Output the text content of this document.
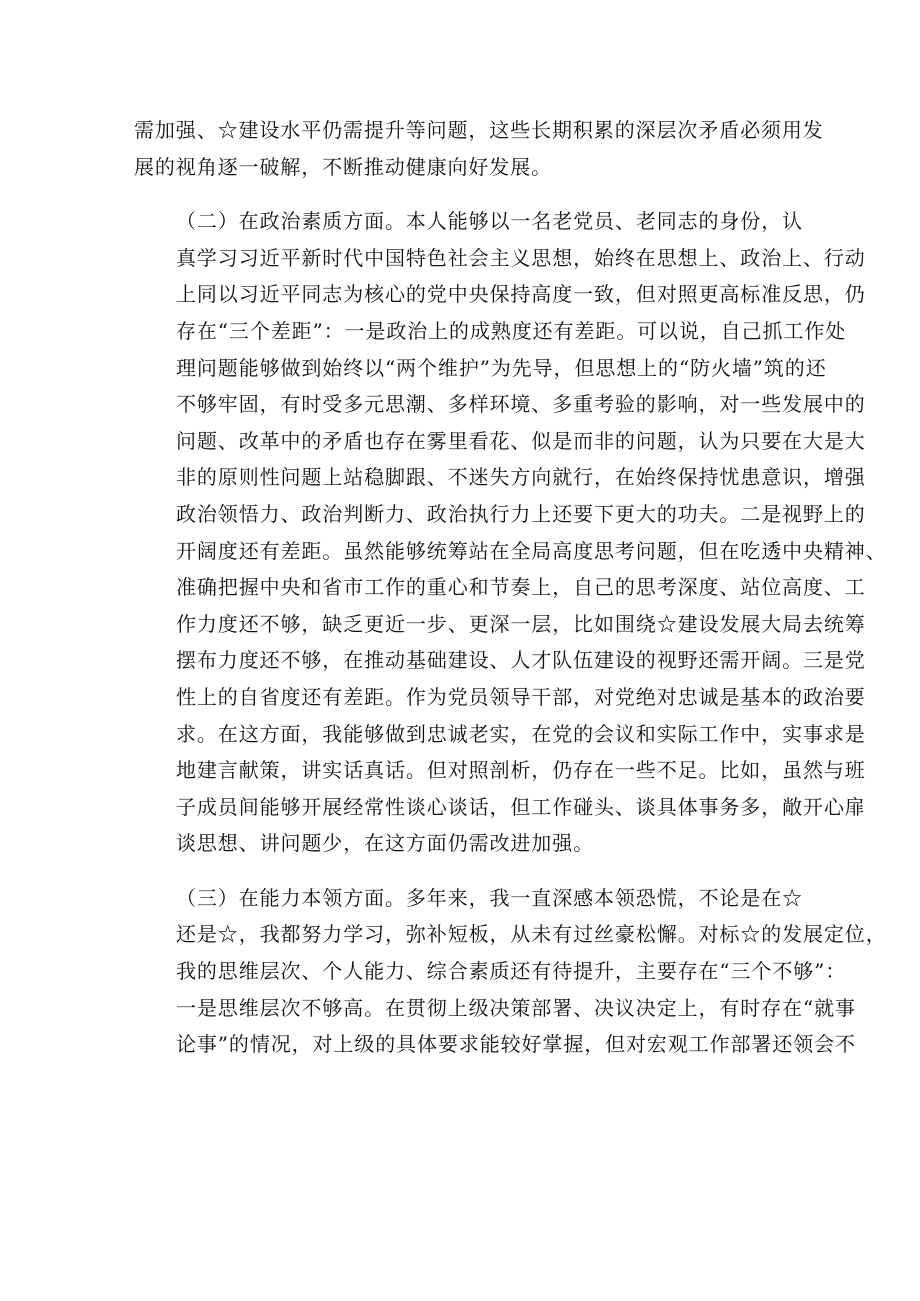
需加强、☆建设水平仍需提升等问题，这些长期积累的深层次矛盾必须用发
展的视角逐一破解，不断推动健康向好发展。

（二）在政治素质方面。本人能够以一名老党员、老同志的身份，认
真学习习近平新时代中国特色社会主义思想，始终在思想上、政治上、行动
上同以习近平同志为核心的党中央保持高度一致，但对照更高标准反思，仍
存在“三个差距”：一是政治上的成熟度还有差距。可以说，自己抓工作处
理问题能够做到始终以“两个维护”为先导，但思想上的“防火墙”筑的还
不够牢固，有时受多元思潮、多样环境、多重考验的影响，对一些发展中的
问题、改革中的矛盾也存在雾里看花、似是而非的问题，认为只要在大是大
非的原则性问题上站稳脚跟、不迷失方向就行，在始终保持忧患意识，增强
政治领悟力、政治判断力、政治执行力上还要下更大的功夫。二是视野上的
开阔度还有差距。虽然能够统筹站在全局高度思考问题，但在吃透中央精神、
准确把握中央和省市工作的重心和节奏上，自己的思考深度、站位高度、工
作力度还不够，缺乏更近一步、更深一层，比如围绕☆建设发展大局去统筹
摆布力度还不够，在推动基础建设、人才队伍建设的视野还需开阔。三是党
性上的自省度还有差距。作为党员领导干部，对党绝对忠诚是基本的政治要
求。在这方面，我能够做到忠诚老实，在党的会议和实际工作中，实事求是
地建言献策，讲实话真话。但对照剖析，仍存在一些不足。比如，虽然与班
子成员间能够开展经常性谈心谈话，但工作碰头、谈具体事务多，敞开心扉
谈思想、讲问题少，在这方面仍需改进加强。

（三）在能力本领方面。多年来，我一直深感本领恐慌，不论是在☆
还是☆，我都努力学习，弥补短板，从未有过丝豪松懈。对标☆的发展定位，
我的思维层次、个人能力、综合素质还有待提升，主要存在“三个不够”：
一是思维层次不够高。在贯彻上级决策部署、决议决定上，有时存在“就事
论事”的情况，对上级的具体要求能较好掌握，但对宏观工作部署还领会不
